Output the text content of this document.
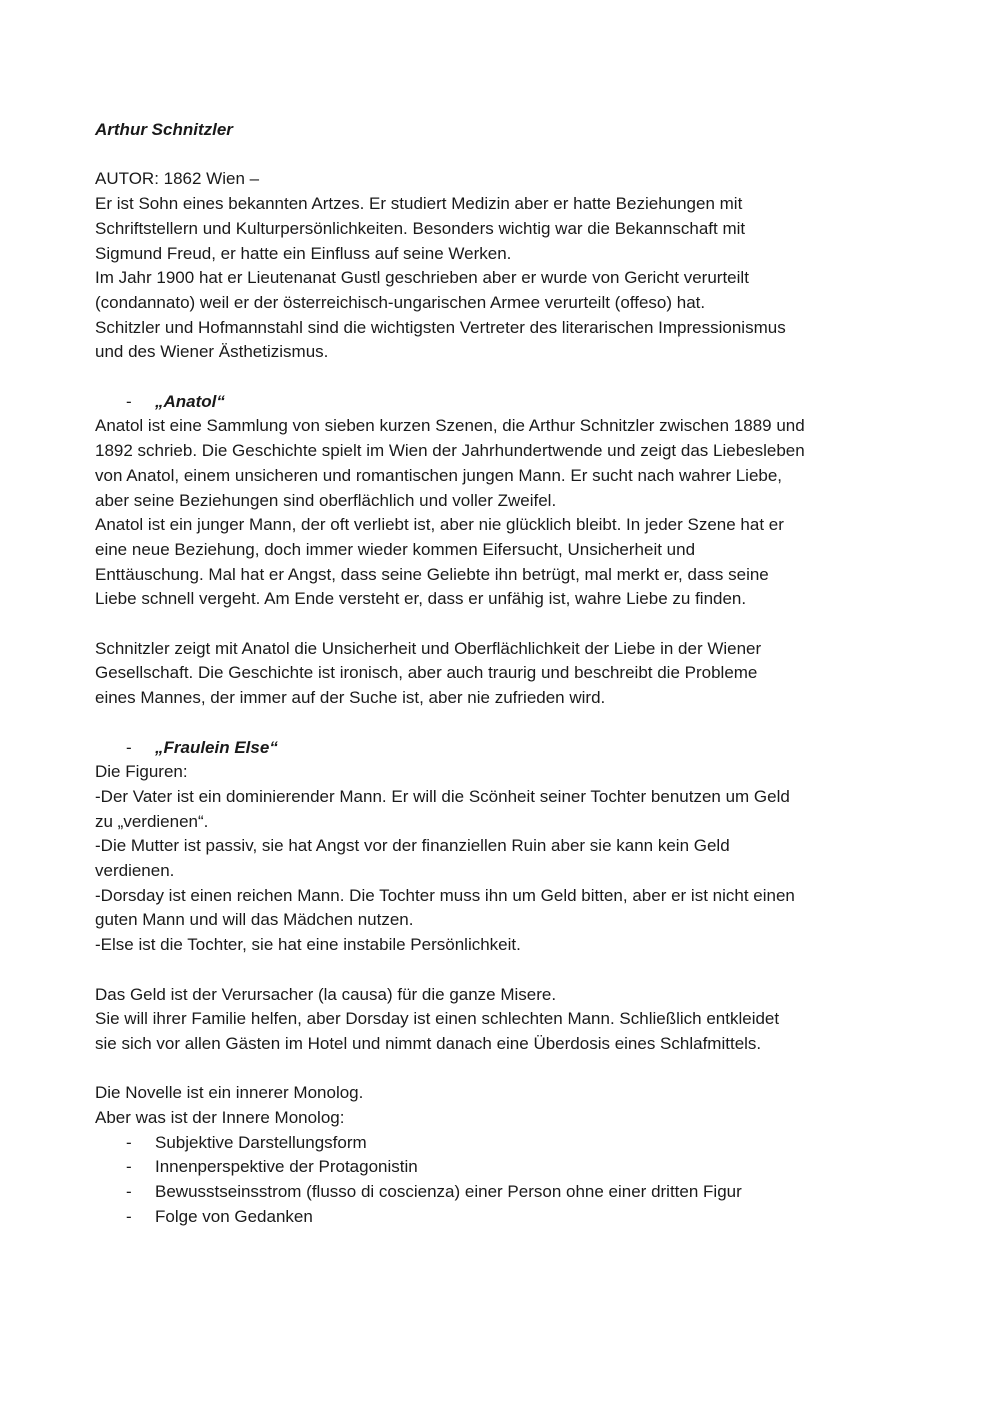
Arthur Schnitzler
AUTOR: 1862 Wien –
Er ist Sohn eines bekannten Artzes. Er studiert Medizin aber er hatte Beziehungen mit
Schriftstellern und Kulturpersönlichkeiten. Besonders wichtig war die Bekannschaft mit
Sigmund Freud, er hatte ein Einfluss auf seine Werken.
Im Jahr 1900 hat er Lieutenanat Gustl geschrieben aber er wurde von Gericht verurteilt
(condannato) weil er der österreichisch-ungarischen Armee verurteilt (offeso) hat.
Schitzler und Hofmannstahl sind die wichtigsten Vertreter des literarischen Impressionismus
und des Wiener Ästhetizismus.
- „Anatol“
Anatol ist eine Sammlung von sieben kurzen Szenen, die Arthur Schnitzler zwischen 1889 und
1892 schrieb. Die Geschichte spielt im Wien der Jahrhundertwende und zeigt das Liebesleben
von Anatol, einem unsicheren und romantischen jungen Mann. Er sucht nach wahrer Liebe,
aber seine Beziehungen sind oberflächlich und voller Zweifel.
Anatol ist ein junger Mann, der oft verliebt ist, aber nie glücklich bleibt. In jeder Szene hat er
eine neue Beziehung, doch immer wieder kommen Eifersucht, Unsicherheit und
Enttäuschung. Mal hat er Angst, dass seine Geliebte ihn betrügt, mal merkt er, dass seine
Liebe schnell vergeht. Am Ende versteht er, dass er unfähig ist, wahre Liebe zu finden.
Schnitzler zeigt mit Anatol die Unsicherheit und Oberflächlichkeit der Liebe in der Wiener
Gesellschaft. Die Geschichte ist ironisch, aber auch traurig und beschreibt die Probleme
eines Mannes, der immer auf der Suche ist, aber nie zufrieden wird.
- „Fraulein Else“
Die Figuren:
-Der Vater ist ein dominierender Mann. Er will die Scönheit seiner Tochter benutzen um Geld
zu „verdienen“.
-Die Mutter ist passiv, sie hat Angst vor der finanziellen Ruin aber sie kann kein Geld
verdienen.
-Dorsday ist einen reichen Mann. Die Tochter muss ihn um Geld bitten, aber er ist nicht einen
guten Mann und will das Mädchen nutzen.
-Else ist die Tochter, sie hat eine instabile Persönlichkeit.
Das Geld ist der Verursacher (la causa) für die ganze Misere.
Sie will ihrer Familie helfen, aber Dorsday ist einen schlechten Mann. Schließlich entkleidet
sie sich vor allen Gästen im Hotel und nimmt danach eine Überdosis eines Schlafmittels.
Die Novelle ist ein innerer Monolog.
Aber was ist der Innere Monolog:
- Subjektive Darstellungsform
- Innenperspektive der Protagonistin
- Bewusstseinsstrom (flusso di coscienza) einer Person ohne einer dritten Figur
- Folge von Gedanken
